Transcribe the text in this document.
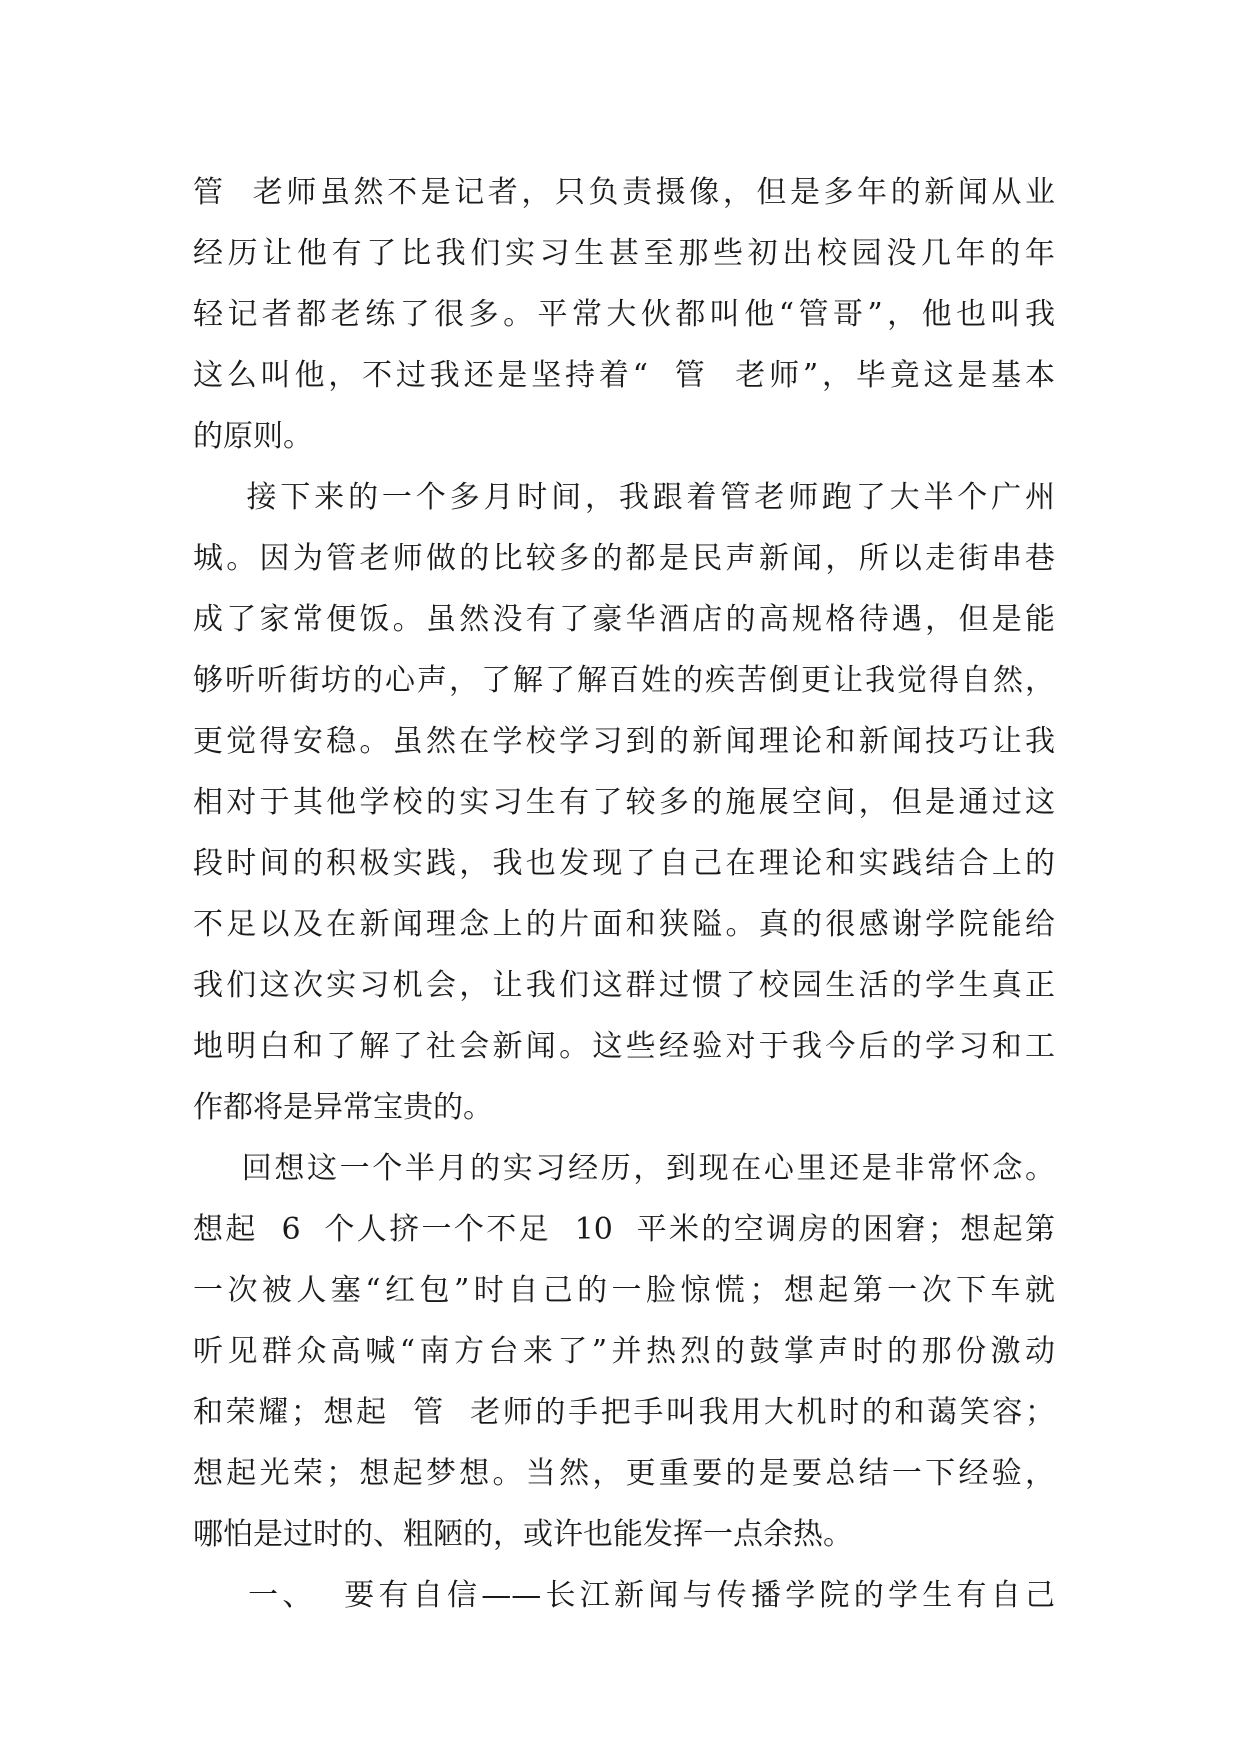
管  老师虽然不是记者，只负责摄像，但是多年的新闻从业
经历让他有了比我们实习生甚至那些初出校园没几年的年
轻记者都老练了很多。平常大伙都叫他“管哥”，他也叫我
这么叫他，不过我还是坚持着“  管  老师”，毕竟这是基本
的原则。
接下来的一个多月时间，我跟着管老师跑了大半个广州
城。因为管老师做的比较多的都是民声新闻，所以走街串巷
成了家常便饭。虽然没有了豪华酒店的高规格待遇，但是能
够听听街坊的心声，了解了解百姓的疾苦倒更让我觉得自然，
更觉得安稳。虽然在学校学习到的新闻理论和新闻技巧让我
相对于其他学校的实习生有了较多的施展空间，但是通过这
段时间的积极实践，我也发现了自己在理论和实践结合上的
不足以及在新闻理念上的片面和狭隘。真的很感谢学院能给
我们这次实习机会，让我们这群过惯了校园生活的学生真正
地明白和了解了社会新闻。这些经验对于我今后的学习和工
作都将是异常宝贵的。
回想这一个半月的实习经历，到现在心里还是非常怀念。
想起  6  个人挤一个不足  10  平米的空调房的困窘；想起第
一次被人塞“红包”时自己的一脸惊慌；想起第一次下车就
听见群众高喊“南方台来了”并热烈的鼓掌声时的那份激动
和荣耀；想起  管  老师的手把手叫我用大机时的和蔼笑容；
想起光荣；想起梦想。当然，更重要的是要总结一下经验，
哪怕是过时的、粗陋的，或许也能发挥一点余热。
一、  要有自信——长江新闻与传播学院的学生有自己
